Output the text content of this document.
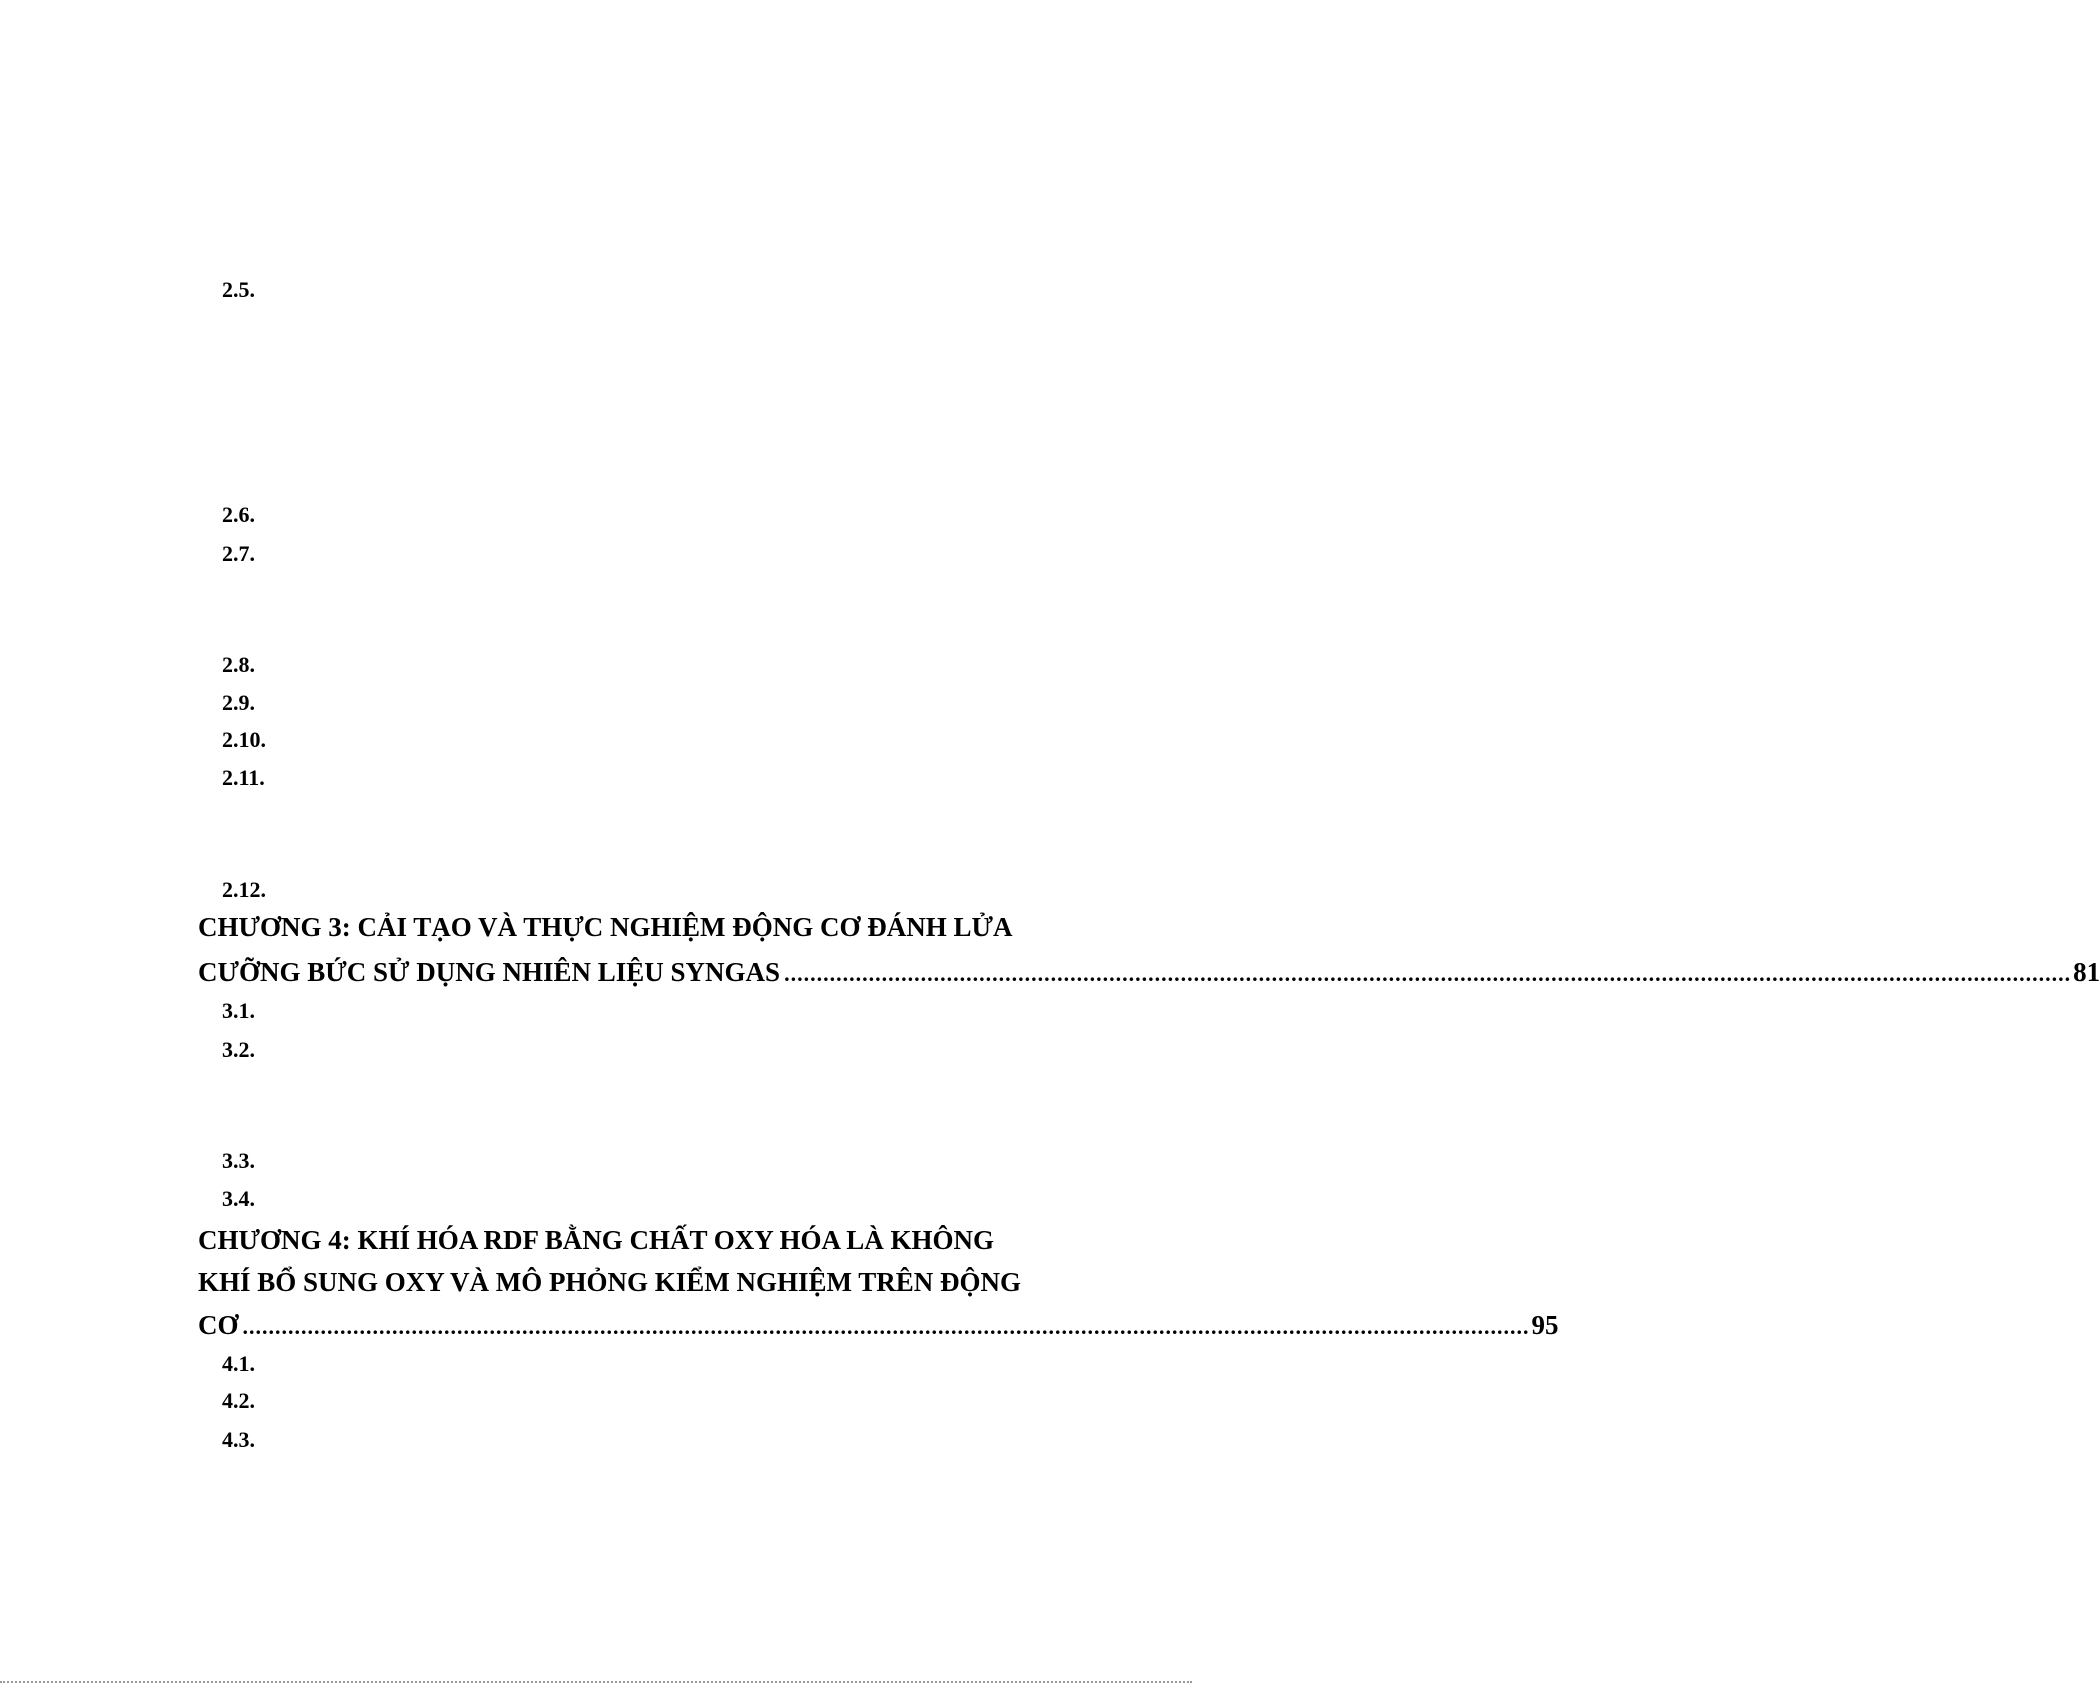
2.5.
2.6.
2.7.
2.8.
2.9.
2.10.
2.11.
2.12.
CHƯƠNG 3: CẢI TẠO VÀ THỰC NGHIỆM ĐỘNG CƠ ĐÁNH LỬA
CƯỠNG BỨC SỬ DỤNG NHIÊN LIỆU SYNGAS ...................................................................................................................................................................................................... 81
3.1.
3.2.
3.3.
3.4.
CHƯƠNG 4: KHÍ HÓA RDF BẰNG CHẤT OXY HÓA LÀ KHÔNG
KHÍ BỔ SUNG OXY VÀ MÔ PHỎNG KIỂM NGHIỆM TRÊN ĐỘNG
CƠ ...................................................................................................................................................................................................... 95
4.1.
4.2.
4.3.
